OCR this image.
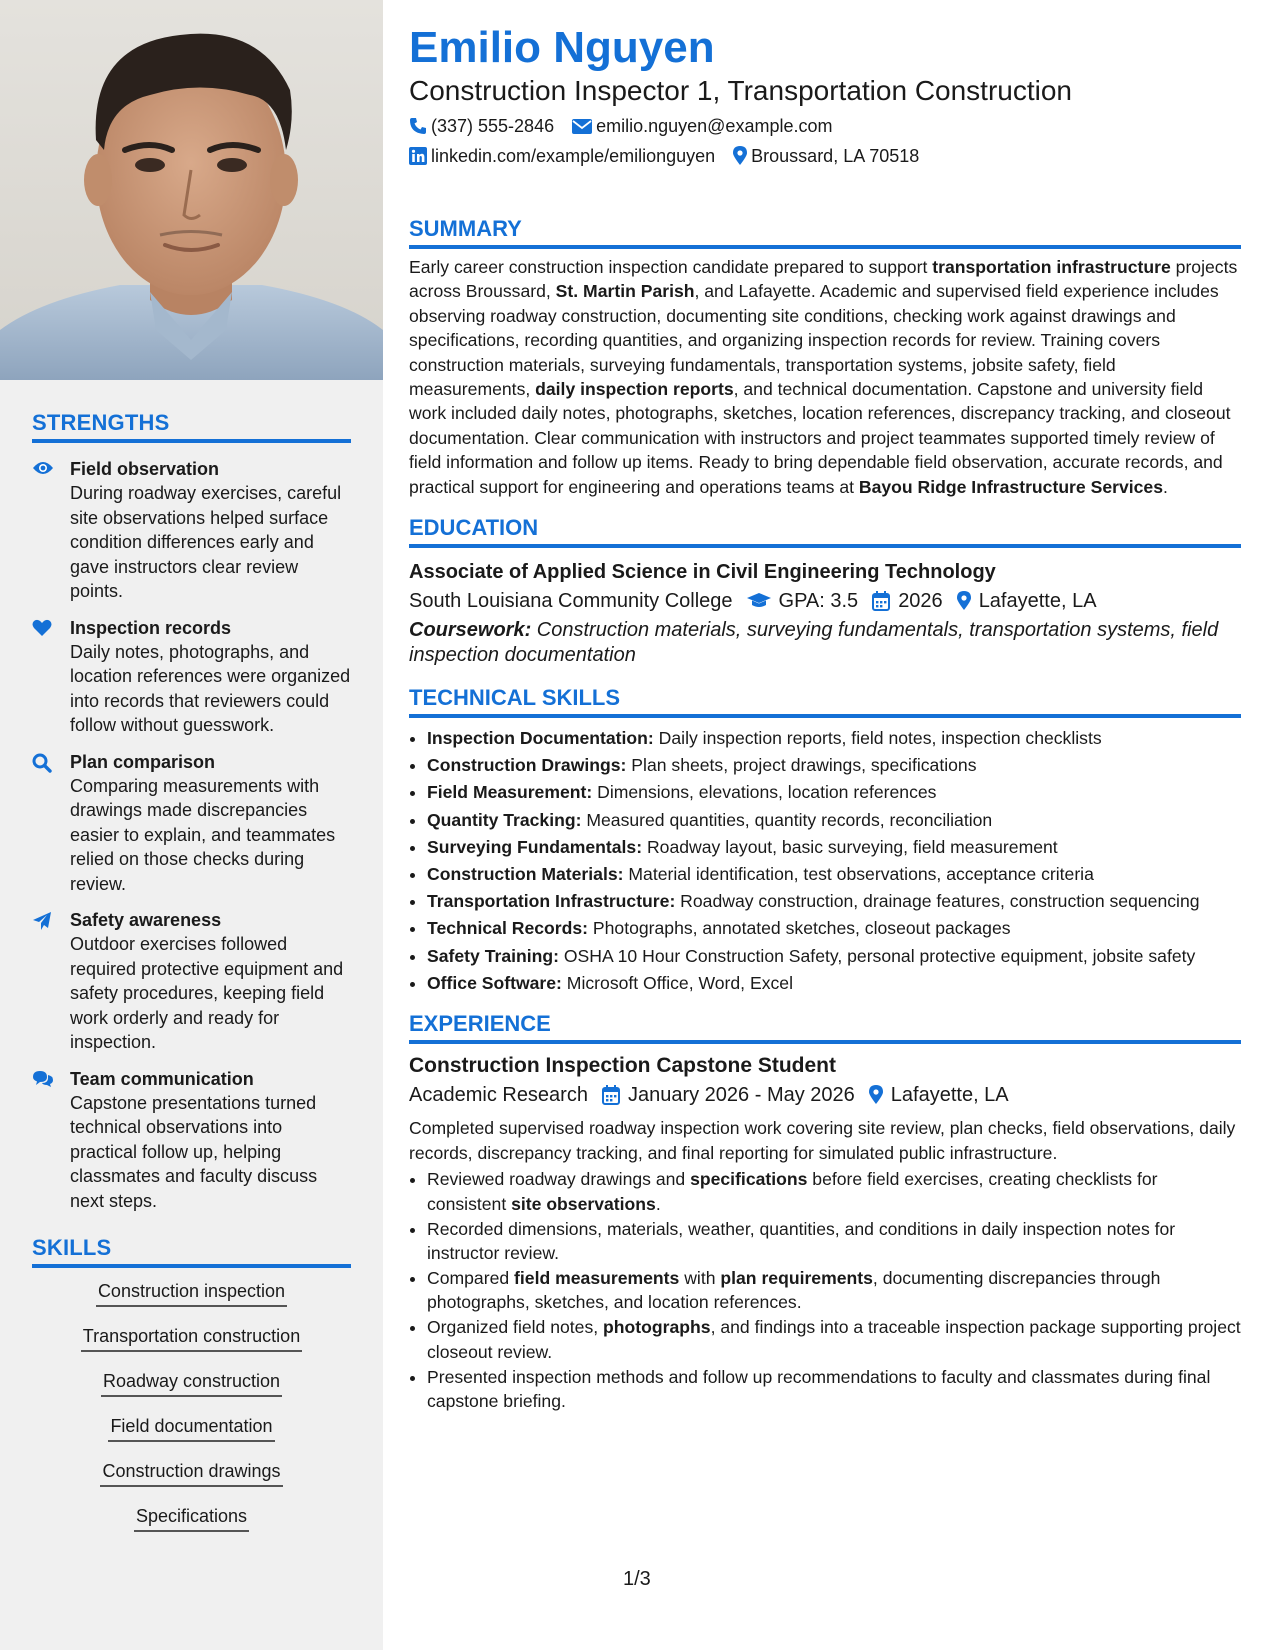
STRENGTHS
Field observation
During roadway exercises, careful site observations helped surface condition differences early and gave instructors clear review points.
Inspection records
Daily notes, photographs, and location references were organized into records that reviewers could follow without guesswork.
Plan comparison
Comparing measurements with drawings made discrepancies easier to explain, and teammates relied on those checks during review.
Safety awareness
Outdoor exercises followed required protective equipment and safety procedures, keeping field work orderly and ready for inspection.
Team communication
Capstone presentations turned technical observations into practical follow up, helping classmates and faculty discuss next steps.
SKILLS
Construction inspection
Transportation construction
Roadway construction
Field documentation
Construction drawings
Specifications
Emilio Nguyen
Construction Inspector 1, Transportation Construction
(337) 555-2846 emilio.nguyen@example.com
linkedin.com/example/emilionguyen Broussard, LA 70518
SUMMARY

Early career construction inspection candidate prepared to support transportation infrastructure projects across Broussard, St. Martin Parish, and Lafayette. Academic and supervised field experience includes observing roadway construction, documenting site conditions, checking work against drawings and specifications, recording quantities, and organizing inspection records for review. Training covers construction materials, surveying fundamentals, transportation systems, jobsite safety, field measurements, daily inspection reports, and technical documentation. Capstone and university field work included daily notes, photographs, sketches, location references, discrepancy tracking, and closeout documentation. Clear communication with instructors and project teammates supported timely review of field information and follow up items. Ready to bring dependable field observation, accurate records, and practical support for engineering and operations teams at Bayou Ridge Infrastructure Services.

EDUCATION
Associate of Applied Science in Civil Engineering Technology
South Louisiana Community College GPA: 3.5 2026 Lafayette, LA
Coursework: Construction materials, surveying fundamentals, transportation systems, field inspection documentation
TECHNICAL SKILLS
• Inspection Documentation: Daily inspection reports, field notes, inspection checklists
• Construction Drawings: Plan sheets, project drawings, specifications
• Field Measurement: Dimensions, elevations, location references
• Quantity Tracking: Measured quantities, quantity records, reconciliation
• Surveying Fundamentals: Roadway layout, basic surveying, field measurement
• Construction Materials: Material identification, test observations, acceptance criteria
• Transportation Infrastructure: Roadway construction, drainage features, construction sequencing
• Technical Records: Photographs, annotated sketches, closeout packages
• Safety Training: OSHA 10 Hour Construction Safety, personal protective equipment, jobsite safety
• Office Software: Microsoft Office, Word, Excel
EXPERIENCE
Construction Inspection Capstone Student
Academic Research January 2026 - May 2026 Lafayette, LA

Completed supervised roadway inspection work covering site review, plan checks, field observations, daily records, discrepancy tracking, and final reporting for simulated public infrastructure.

• Reviewed roadway drawings and specifications before field exercises, creating checklists for consistent site observations.
• Recorded dimensions, materials, weather, quantities, and conditions in daily inspection notes for instructor review.
• Compared field measurements with plan requirements, documenting discrepancies through photographs, sketches, and location references.
• Organized field notes, photographs, and findings into a traceable inspection package supporting project closeout review.
• Presented inspection methods and follow up recommendations to faculty and classmates during final capstone briefing.
1/3
